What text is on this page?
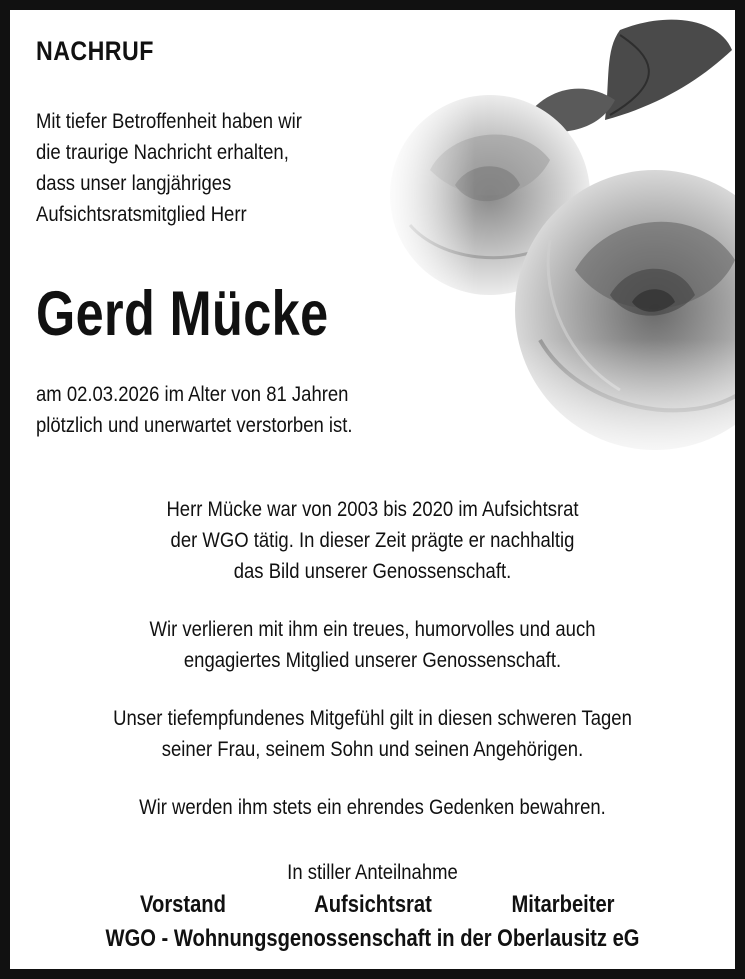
NACHRUF
Mit tiefer Betroffenheit haben wir
die traurige Nachricht erhalten,
dass unser langjähriges
Aufsichtsratsmitglied Herr
Gerd Mücke
am 02.03.2026 im Alter von 81 Jahren
plötzlich und unerwartet verstorben ist.
Herr Mücke war von 2003 bis 2020 im Aufsichtsrat
der WGO tätig. In dieser Zeit prägte er nachhaltig
das Bild unserer Genossenschaft.
Wir verlieren mit ihm ein treues, humorvolles und auch
engagiertes Mitglied unserer Genossenschaft.
Unser tiefempfundenes Mitgefühl gilt in diesen schweren Tagen
seiner Frau, seinem Sohn und seinen Angehörigen.
Wir werden ihm stets ein ehrendes Gedenken bewahren.
In stiller Anteilnahme
Vorstand	Aufsichtsrat	Mitarbeiter
WGO - Wohnungsgenossenschaft in der Oberlausitz eG
